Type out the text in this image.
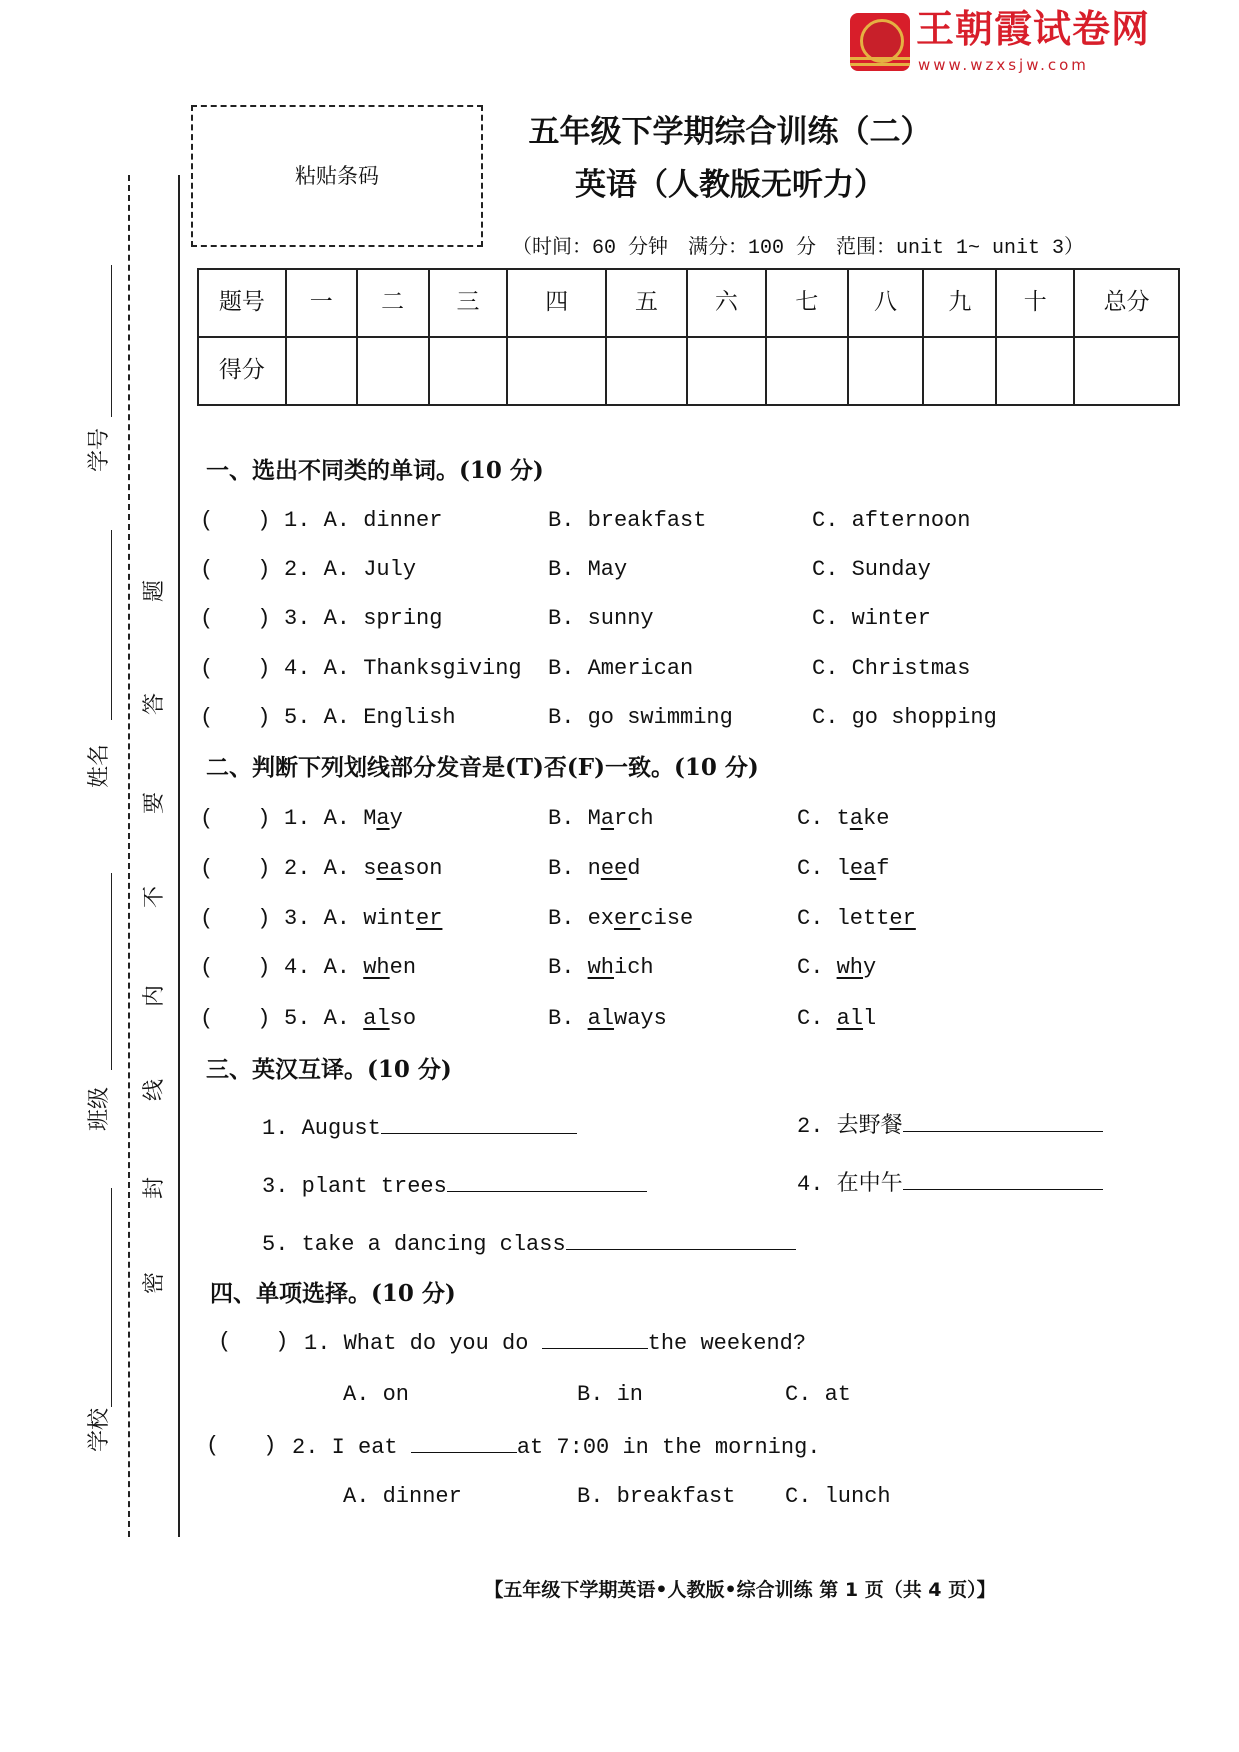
王朝霞试卷网
www.wzxsjw.com
学号
姓名
班级
学校
题
答
要
不
内
线
封
密
粘贴条码
五年级下学期综合训练（二）
英语（人教版无听力）
（时间：60 分钟　满分：100 分　范围：unit 1~ unit 3）
题号	一	二	三	四	五	六	七	八	九	十	总分
得分											
一、选出不同类的单词。(10 分)
(　　) 1. A. dinner	B. breakfast	C. afternoon
(　　) 2. A. July	B. May	C. Sunday
(　　) 3. A. spring	B. sunny	C. winter
(　　) 4. A. Thanksgiving B. American	C. Christmas
(　　) 5. A. English	B. go swimming	C. go shopping
二、判断下列划线部分发音是(T)否(F)一致。(10 分)
(　　) 1. A. May	B. March	C. take
(　　) 2. A. season	B. need	C. leaf
(　　) 3. A. winter	B. exercise	C. letter
(　　) 4. A. when	B. which	C. why
(　　) 5. A. also	B. always	C. all
三、英汉互译。(10 分)
1. August	2. 去野餐
3. plant trees	4. 在中午
5. take a dancing class
四、单项选择。(10 分)
(　　) 1. What do you do	the weekend?
A. on	B. in	C. at
(　　) 2. I eat	at 7:00 in the morning.
A. dinner	B. breakfast C. lunch
【五年级下学期英语•人教版•综合训练 第 1 页（共 4 页）】
